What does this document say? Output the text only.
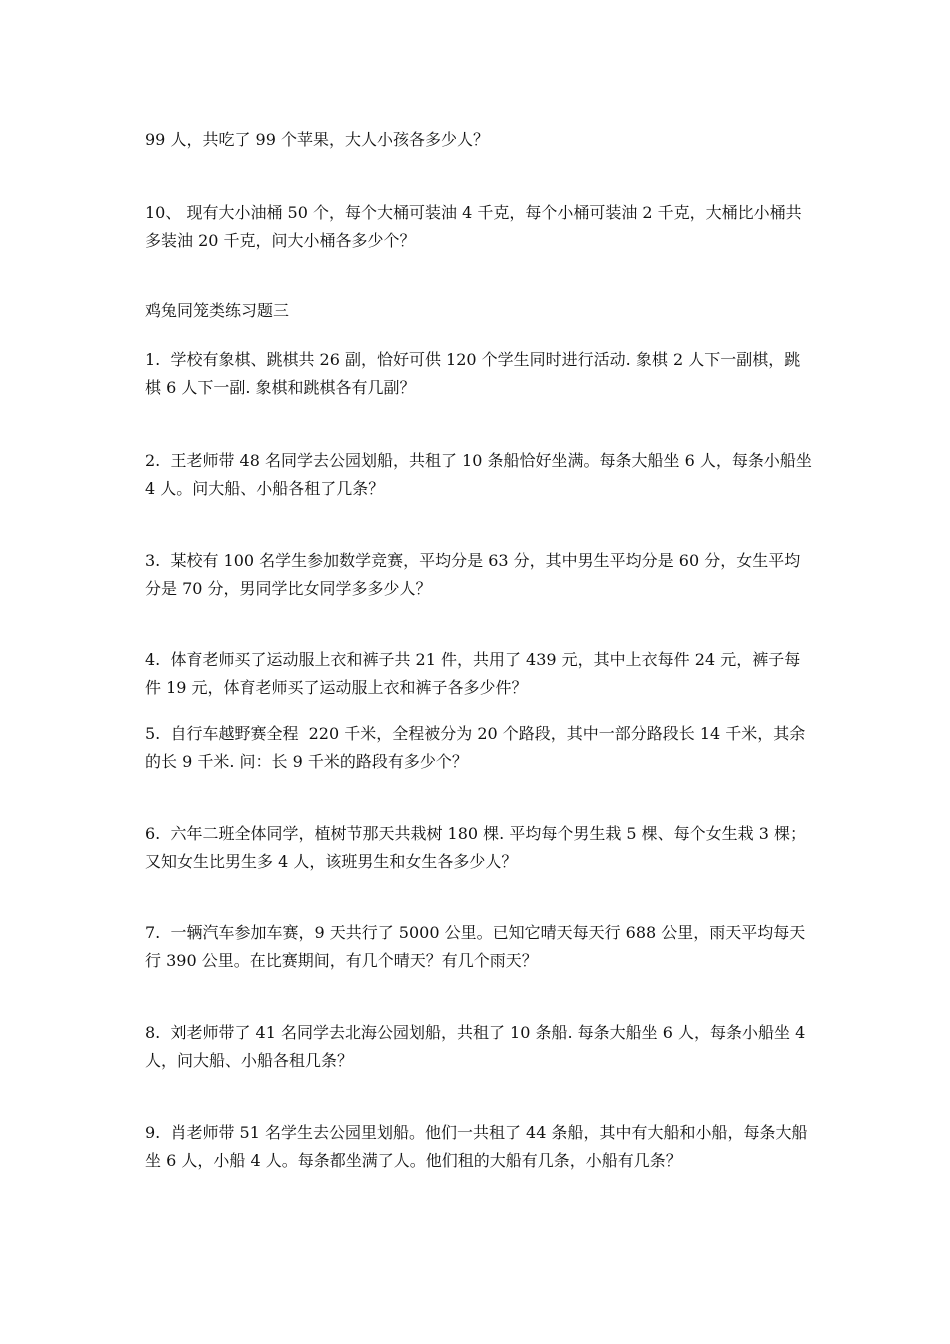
99 人，共吃了 99 个苹果，大人小孩各多少人？
10、 现有大小油桶 50 个，每个大桶可装油 4 千克，每个小桶可装油 2 千克，大桶比小桶共多装油 20 千克，问大小桶各多少个？
鸡兔同笼类练习题三
1.  学校有象棋、跳棋共 26 副，恰好可供 120 个学生同时进行活动. 象棋 2 人下一副棋，跳棋 6 人下一副. 象棋和跳棋各有几副？
2.  王老师带 48 名同学去公园划船，共租了 10 条船恰好坐满。每条大船坐 6 人，每条小船坐 4 人。问大船、小船各租了几条？
3.  某校有 100 名学生参加数学竞赛，平均分是 63 分，其中男生平均分是 60 分，女生平均分是 70 分，男同学比女同学多多少人？
4.  体育老师买了运动服上衣和裤子共 21 件，共用了 439 元，其中上衣每件 24 元，裤子每件 19 元，体育老师买了运动服上衣和裤子各多少件？
5.  自行车越野赛全程  220 千米，全程被分为 20 个路段，其中一部分路段长 14 千米，其余的长 9 千米. 问：长 9 千米的路段有多少个？
6.  六年二班全体同学，植树节那天共栽树 180 棵. 平均每个男生栽 5 棵、每个女生栽 3 棵；又知女生比男生多 4 人，该班男生和女生各多少人？
7.  一辆汽车参加车赛，9 天共行了 5000 公里。已知它晴天每天行 688 公里，雨天平均每天行 390 公里。在比赛期间，有几个晴天？有几个雨天？
8.  刘老师带了 41 名同学去北海公园划船，共租了 10 条船. 每条大船坐 6 人，每条小船坐 4 人，问大船、小船各租几条？
9.  肖老师带 51 名学生去公园里划船。他们一共租了 44 条船，其中有大船和小船，每条大船坐 6 人，小船 4 人。每条都坐满了人。他们租的大船有几条，小船有几条？
